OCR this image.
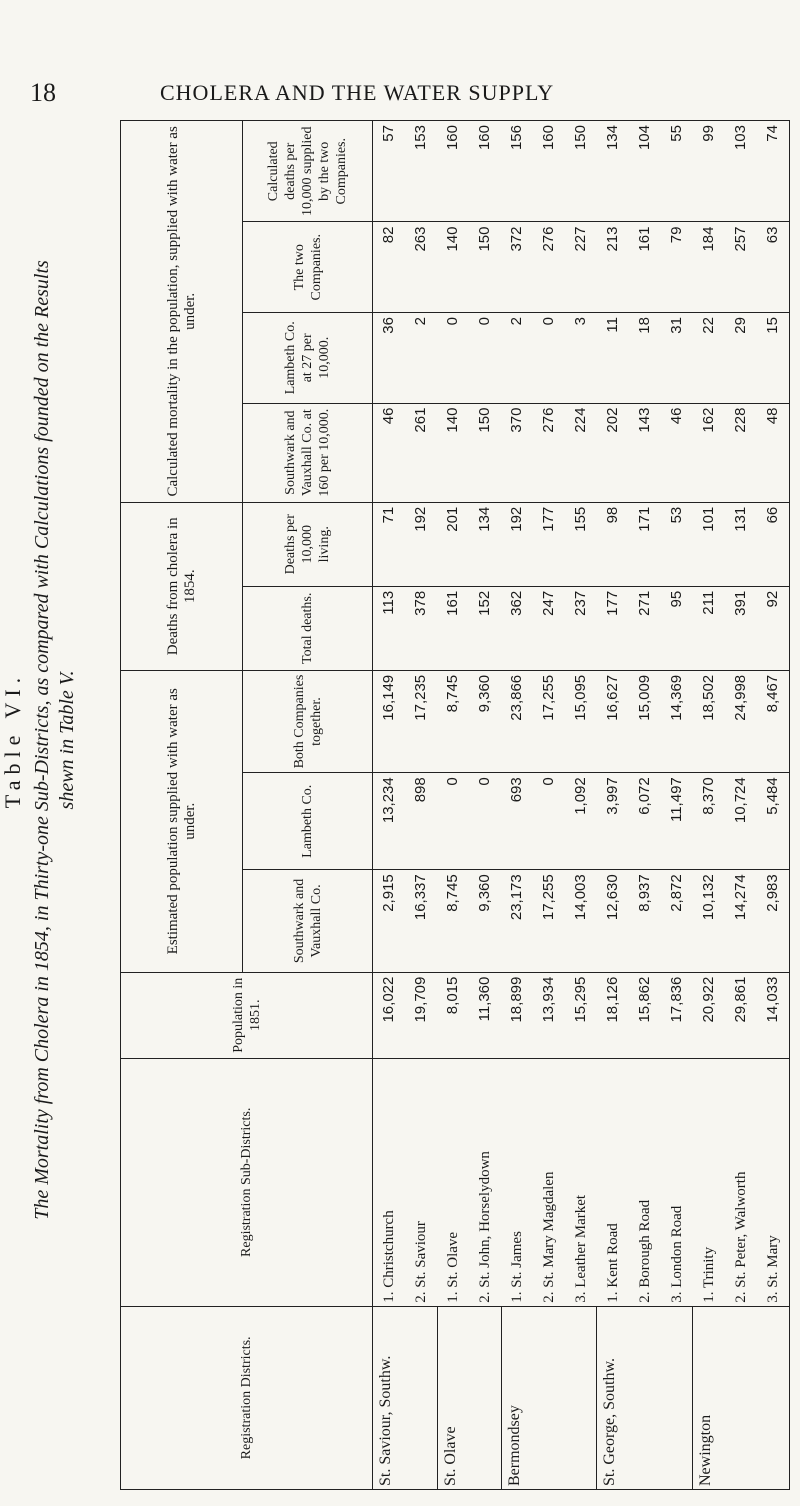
18	CHOLERA AND THE WATER SUPPLY
Table VI. The Mortality from Cholera in 1854, in Thirty-one Sub-Districts, as compared with Calculations founded on the Results shewn in Table V.
Registration Districts.	Registration Sub-Districts.	Population in 1851.	Estimated population supplied with water as under.			Deaths from cholera in 1854.		Calculated mortality in the population, supplied with water as under.			
			Southwark and Vauxhall Co.	Lambeth Co.	Both Companies together.	Total deaths.	Deaths per 10,000 living.	Southwark and Vauxhall Co. at 160 per 10,000.	Lambeth Co. at 27 per 10,000.	The two Companies.	Calculated deaths per 10,000 supplied by the two Companies.
St. Saviour, Southw.	1. Christchurch	16,022	2,915	13,234	16,149	113	71	46	36	82	57
	2. St. Saviour	19,709	16,337	898	17,235	378	192	261	2	263	153
St. Olave	1. St. Olave	8,015	8,745	0	8,745	161	201	140	0	140	160
	2. St. John, Horselydown	11,360	9,360	0	9,360	152	134	150	0	150	160
Bermondsey	1. St. James	18,899	23,173	693	23,866	362	192	370	2	372	156
	2. St. Mary Magdalen	13,934	17,255	0	17,255	247	177	276	0	276	160
	3. Leather Market	15,295	14,003	1,092	15,095	237	155	224	3	227	150
St. George, Southw.	1. Kent Road	18,126	12,630	3,997	16,627	177	98	202	11	213	134
	2. Borough Road	15,862	8,937	6,072	15,009	271	171	143	18	161	104
	3. London Road	17,836	2,872	11,497	14,369	95	53	46	31	79	55
Newington	1. Trinity	20,922	10,132	8,370	18,502	211	101	162	22	184	99
	2. St. Peter, Walworth	29,861	14,274	10,724	24,998	391	131	228	29	257	103
	3. St. Mary	14,033	2,983	5,484	8,467	92	66	48	15	63	74
